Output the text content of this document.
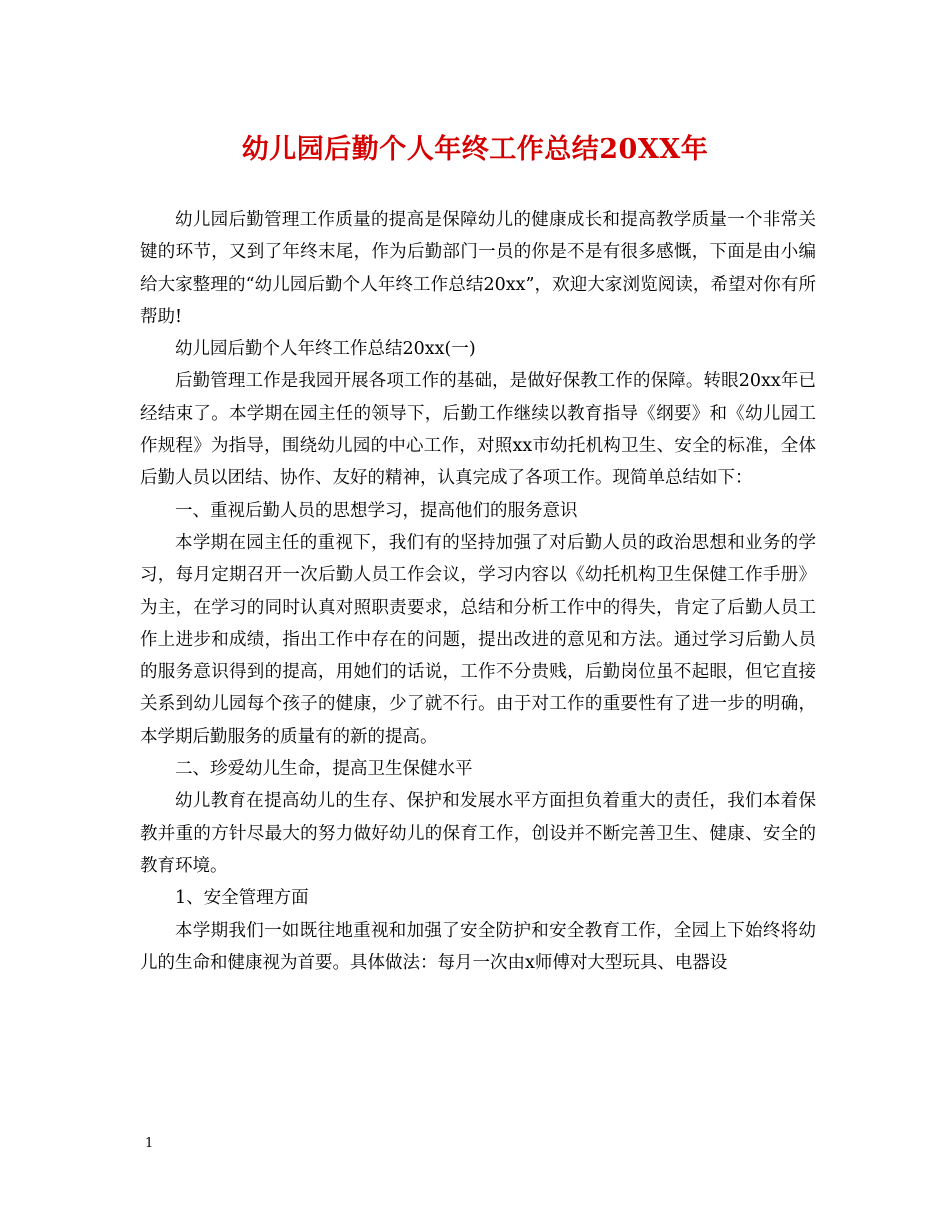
幼儿园后勤个人年终工作总结20XX年

幼儿园后勤管理工作质量的提高是保障幼儿的健康成长和提高教学质量一个非常关键的环节，又到了年终末尾，作为后勤部门一员的你是不是有很多感慨，下面是由小编给大家整理的“幼儿园后勤个人年终工作总结20xx”，欢迎大家浏览阅读，希望对你有所帮助!

幼儿园后勤个人年终工作总结20xx(一)

后勤管理工作是我园开展各项工作的基础，是做好保教工作的保障。转眼20xx年已经结束了。本学期在园主任的领导下，后勤工作继续以教育指导《纲要》和《幼儿园工作规程》为指导，围绕幼儿园的中心工作，对照xx市幼托机构卫生、安全的标准，全体后勤人员以团结、协作、友好的精神，认真完成了各项工作。现简单总结如下：

一、重视后勤人员的思想学习，提高他们的服务意识

本学期在园主任的重视下，我们有的坚持加强了对后勤人员的政治思想和业务的学习，每月定期召开一次后勤人员工作会议，学习内容以《幼托机构卫生保健工作手册》为主，在学习的同时认真对照职责要求，总结和分析工作中的得失，肯定了后勤人员工作上进步和成绩，指出工作中存在的问题，提出改进的意见和方法。通过学习后勤人员的服务意识得到的提高，用她们的话说，工作不分贵贱，后勤岗位虽不起眼，但它直接关系到幼儿园每个孩子的健康，少了就不行。由于对工作的重要性有了进一步的明确，本学期后勤服务的质量有的新的提高。

二、珍爱幼儿生命，提高卫生保健水平

幼儿教育在提高幼儿的生存、保护和发展水平方面担负着重大的责任，我们本着保教并重的方针尽最大的努力做好幼儿的保育工作，创设并不断完善卫生、健康、安全的教育环境。

1、安全管理方面

本学期我们一如既往地重视和加强了安全防护和安全教育工作，全园上下始终将幼儿的生命和健康视为首要。具体做法：每月一次由x师傅对大型玩具、电器设

1
